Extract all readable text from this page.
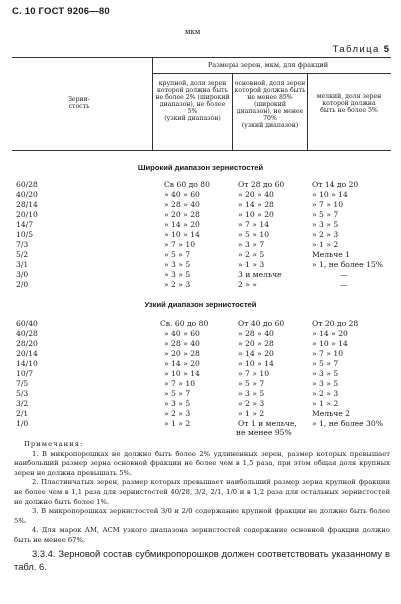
С. 10 ГОСТ 9206—80
Таблица 5
мкм
Зерни-
стость
Размеры зерен, мкм, для фракций
крупной, доля зерен
которой должна быть
не более 2% (широкий
диапазон), не более 5%
(узкий диапазон)
основной, доля зерен
которой должна быть
не менее 85% (широкий
диапазон), не менее 70%
(узкий диапазон)
мелкий, доля зерен
которой должна
быть не более 5%
Широкий диапазон зернистостей
60/28	Св 60 до 80	От 28 до 60	От 14 до 20
40/20	» 40 » 60	» 20 » 40	» 10 » 14
28/14	» 28 » 40	» 14 » 28	» 7 » 10
20/10	» 20 » 28	» 10 » 20	» 5 » 7
14/7	» 14 » 20	» 7 » 14	» 3 » 5
10/5	» 10 » 14	» 5 » 10	» 2 » 3
7/3	» 7 » 10	» 3 » 7	» 1 » 2
5/2	» 5 » 7	» 2 » 5	Мельче 1
3/1	» 3 » 5	» 1 » 3	» 1, не более 15%
3/0	» 3 » 5	3 и мельче	—
2/0	» 2 » 3	2 » »	—
Узкий диапазон зернистостей
60/40	Св. 60 до 80	От 40 до 60	От 20 до 28
40/28	» 40 » 60	» 28 » 40	» 14 » 20
28/20	» 28 » 40	» 20 » 28	» 10 » 14
20/14	» 20 » 28	» 14 » 20	» 7 » 10
14/10	» 14 » 20	» 10 » 14	» 5 » 7
10/7	» 10 » 14	» 7 » 10	» 3 » 5
7/5	» 7 » 10	» 5 » 7	» 3 » 5
5/3	» 5 » 7	» 3 » 5	» 2 » 3
3/2	» 3 » 5	» 2 » 3	» 1 » 2
2/1	» 2 » 3	» 1 » 2	Мельче 2
1/0	» 1 » 2	От 1 и мельче, » 1, не более 30%
не менее 95%
Примечания:

1. В микропорошках не должно быть более 2% удлиненных зерен, размер которых превышает наибольший размер зерна основной фракции не более чем в 1,5 раза, при этом общая доля крупных зерен не должна превышать 5%.

2. Пластинчатых зерен, размер которых превышает наибольший размер зерна крупной фракции не более чем в 1,1 раза для зернистостей 40/28, 3/2, 2/1, 1/0 и в 1,2 раза для остальных зернистостей не должно быть более 1%.

3. В микропорошках зернистостей 3/0 и 2/0 содержание крупной фракции не должно быть более 5%.

4. Для марок АМ, АСМ узкого диапазона зернистостей содержание основной фракции должно быть не менее 67%.

3.3.4. Зерновой состав субмикропорошков должен соответствовать указанному в табл. 6.
